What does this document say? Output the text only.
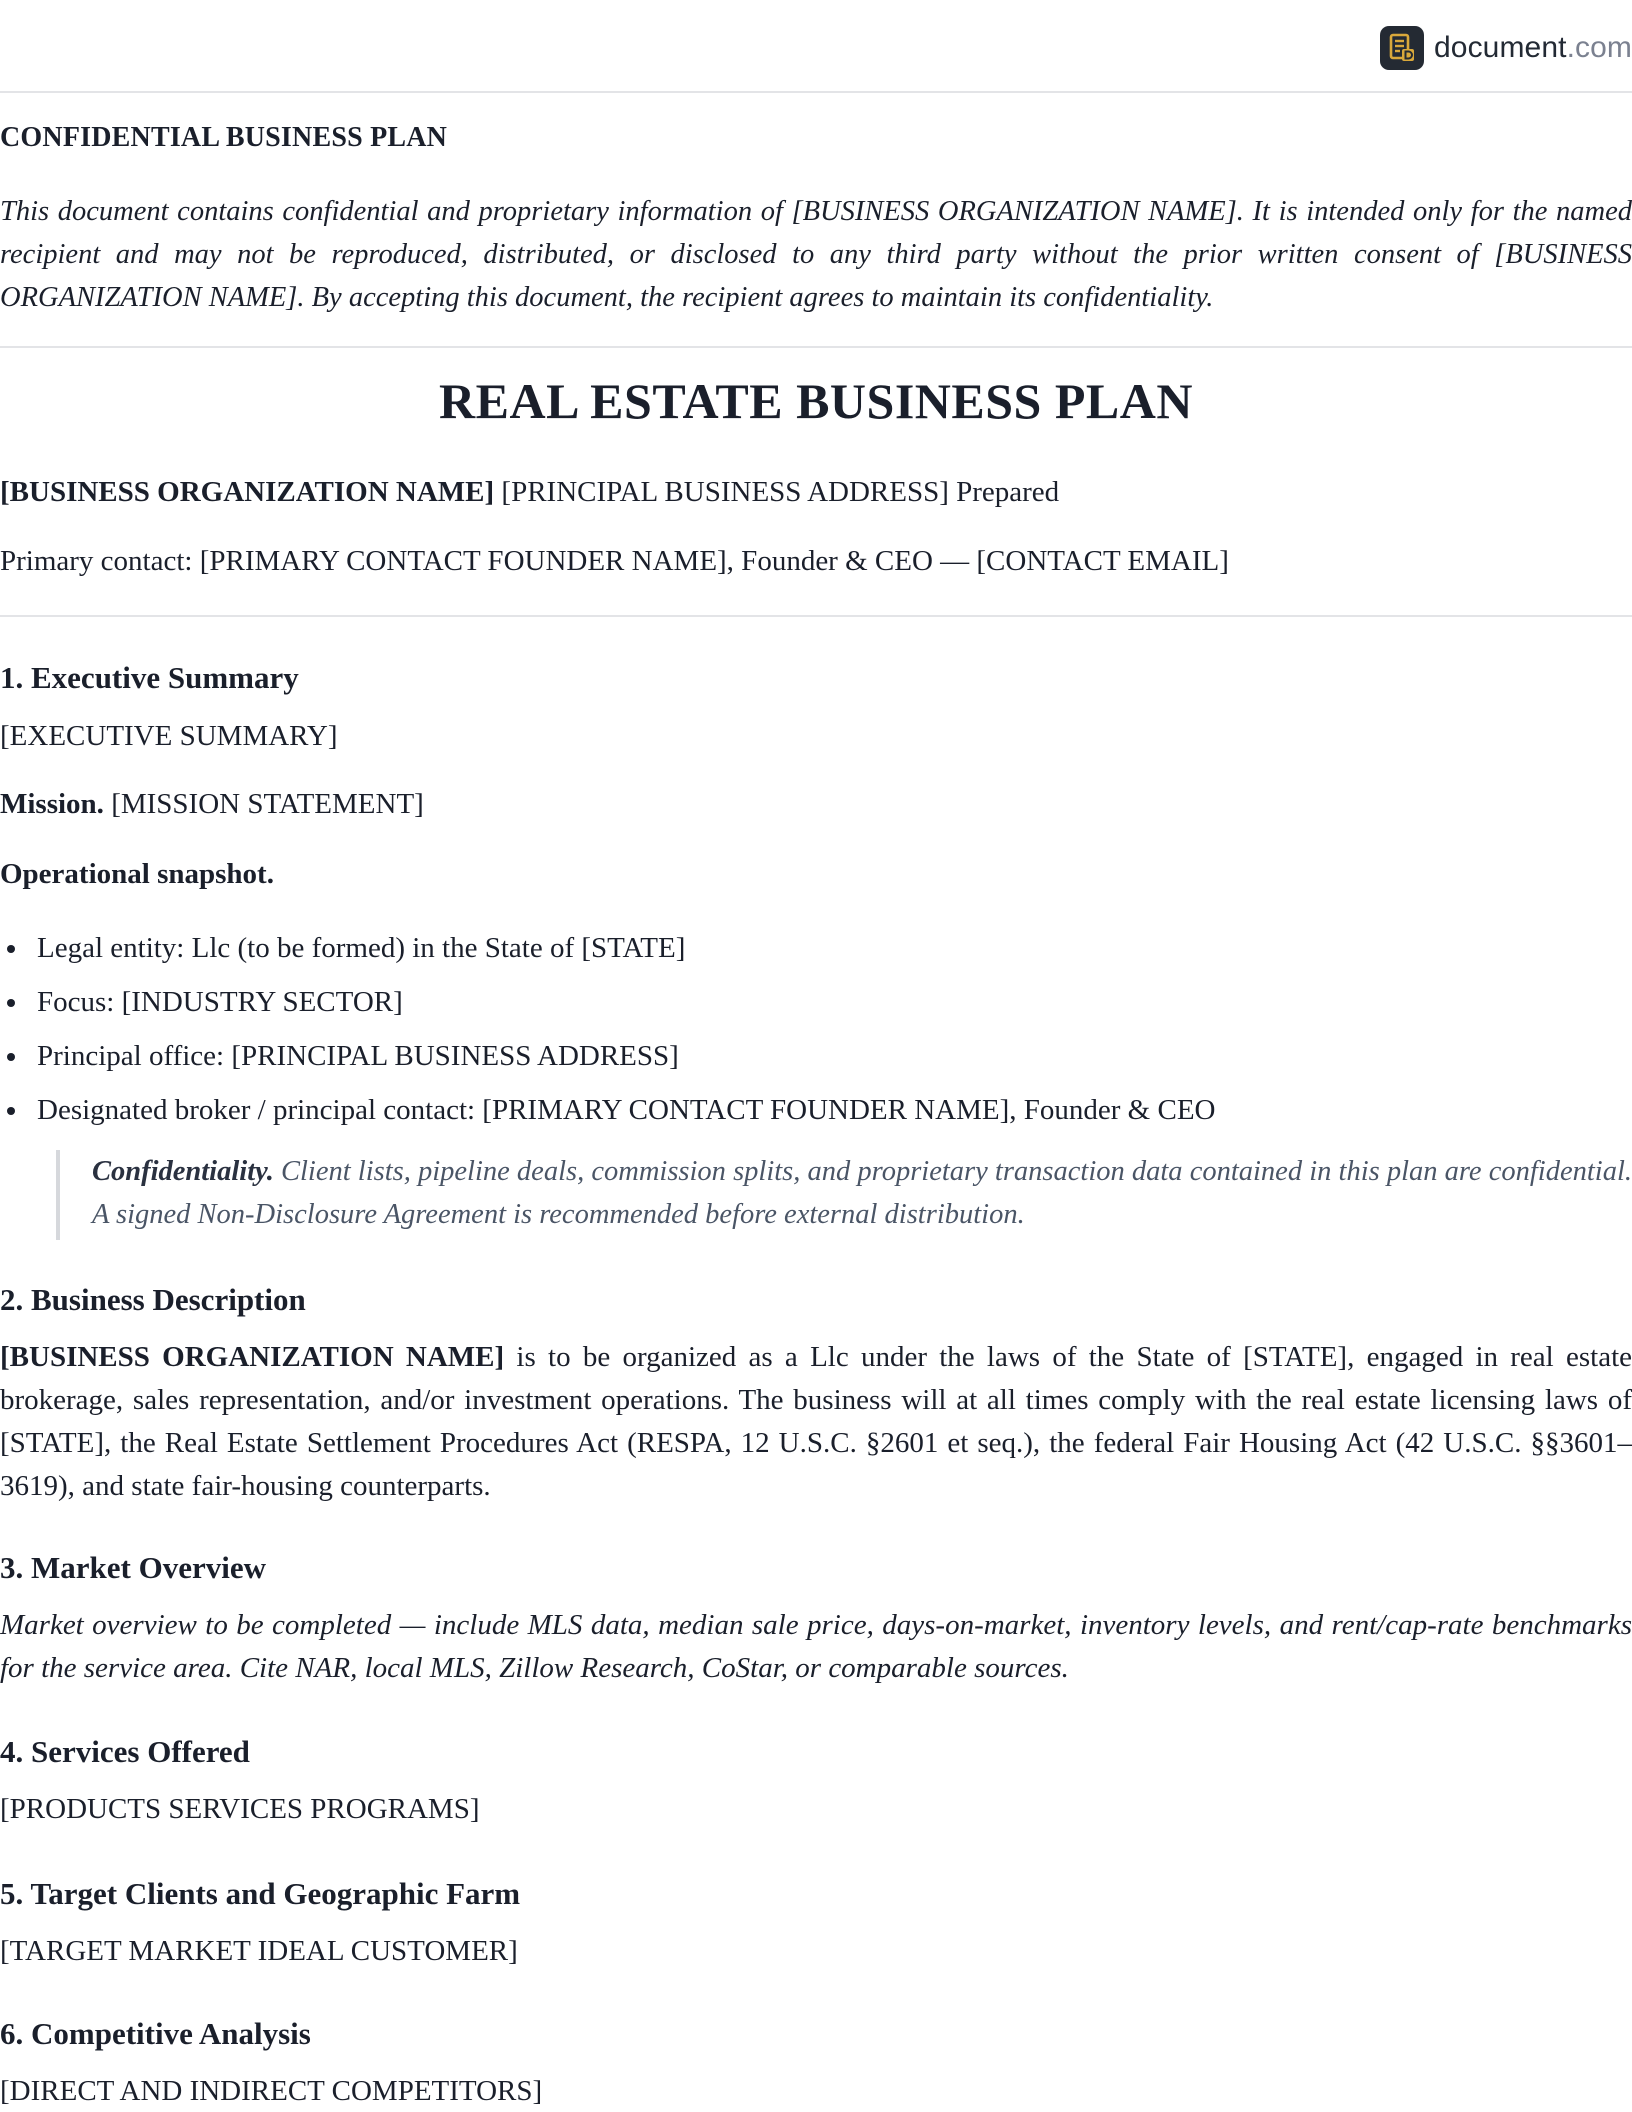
document.com
CONFIDENTIAL BUSINESS PLAN
This document contains confidential and proprietary information of [BUSINESS ORGANIZATION NAME]. It is intended only for the named recipient and may not be reproduced, distributed, or disclosed to any third party without the prior written consent of [BUSINESS ORGANIZATION NAME]. By accepting this document, the recipient agrees to maintain its confidentiality.
REAL ESTATE BUSINESS PLAN
[BUSINESS ORGANIZATION NAME] [PRINCIPAL BUSINESS ADDRESS] Prepared
Primary contact: [PRIMARY CONTACT FOUNDER NAME], Founder & CEO — [CONTACT EMAIL]
1. Executive Summary
[EXECUTIVE SUMMARY]
Mission. [MISSION STATEMENT]
Operational snapshot.
Legal entity: Llc (to be formed) in the State of [STATE]
Focus: [INDUSTRY SECTOR]
Principal office: [PRINCIPAL BUSINESS ADDRESS]
Designated broker / principal contact: [PRIMARY CONTACT FOUNDER NAME], Founder & CEO
Confidentiality. Client lists, pipeline deals, commission splits, and proprietary transaction data contained in this plan are confidential. A signed Non-Disclosure Agreement is recommended before external distribution.
2. Business Description
[BUSINESS ORGANIZATION NAME] is to be organized as a Llc under the laws of the State of [STATE], engaged in real estate brokerage, sales representation, and/or investment operations. The business will at all times comply with the real estate licensing laws of [STATE], the Real Estate Settlement Procedures Act (RESPA, 12 U.S.C. §2601 et seq.), the federal Fair Housing Act (42 U.S.C. §§3601–3619), and state fair-housing counterparts.
3. Market Overview
Market overview to be completed — include MLS data, median sale price, days-on-market, inventory levels, and rent/cap-rate benchmarks for the service area. Cite NAR, local MLS, Zillow Research, CoStar, or comparable sources.
4. Services Offered
[PRODUCTS SERVICES PROGRAMS]
5. Target Clients and Geographic Farm
[TARGET MARKET IDEAL CUSTOMER]
6. Competitive Analysis
[DIRECT AND INDIRECT COMPETITORS]
